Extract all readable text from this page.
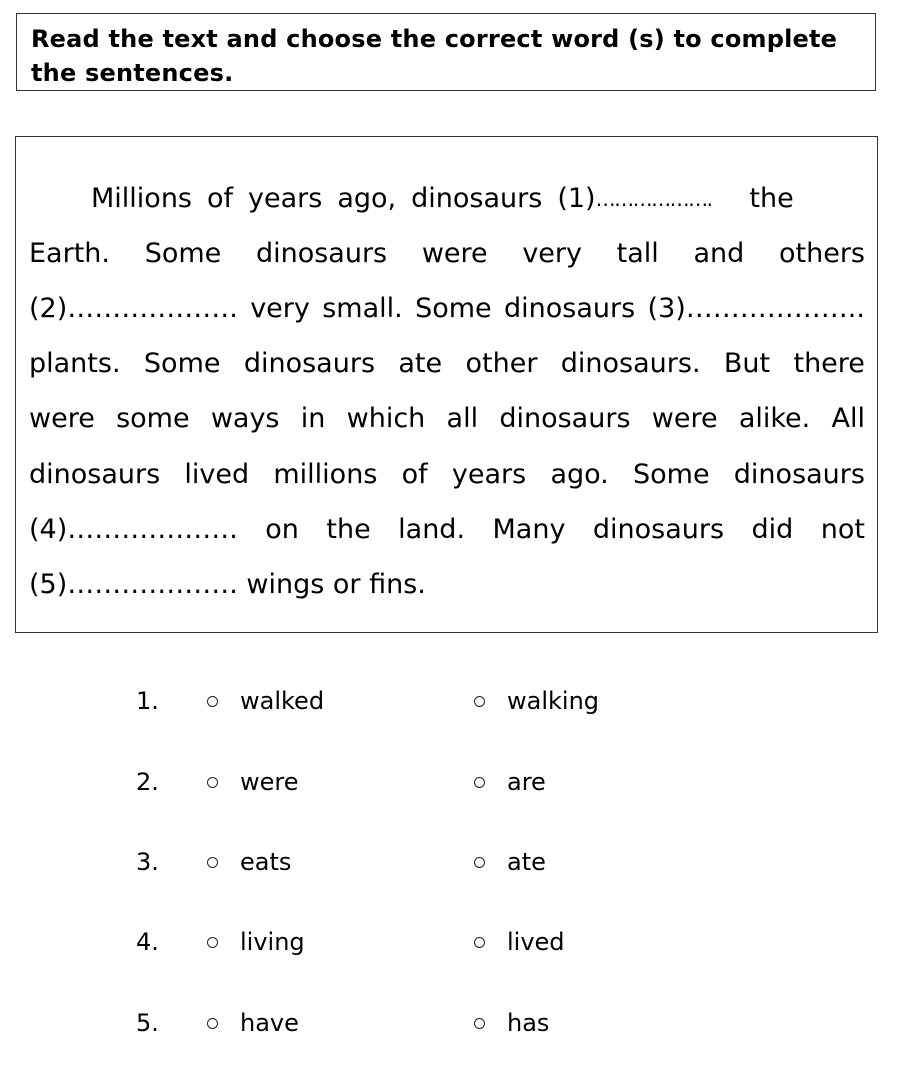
Read the text and choose the correct word (s) to complete the sentences.
Millions of years ago, dinosaurs (1) ………………. the
Earth. Some dinosaurs were very tall and others
(2)………………. very small. Some dinosaurs (3)………………..
plants. Some dinosaurs ate other dinosaurs. But there
were some ways in which all dinosaurs were alike. All
dinosaurs lived millions of years ago. Some dinosaurs
(4)………………. on the land. Many dinosaurs did not
(5)………………. wings or fins.
1.	walked	walking
2.	were	are
3.	eats	ate
4.	living	lived
5.	have	has
